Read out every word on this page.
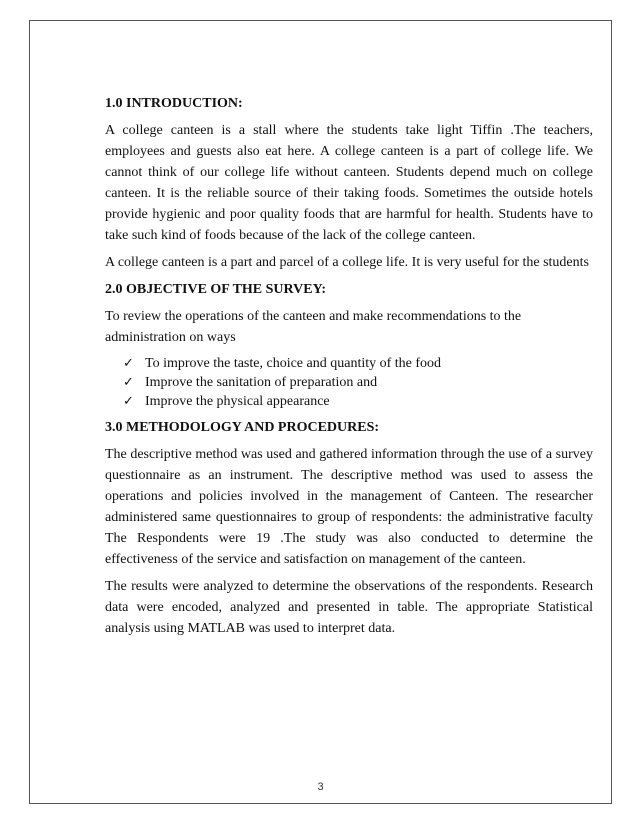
1.0 INTRODUCTION:

A college canteen is a stall where the students take light Tiffin .The teachers, employees and guests also eat here. A college canteen is a part of college life. We cannot think of our college life without canteen. Students depend much on college canteen. It is the reliable source of their taking foods. Sometimes the outside hotels provide hygienic and poor quality foods that are harmful for health. Students have to take such kind of foods because of the lack of the college canteen.

A college canteen is a part and parcel of a college life. It is very useful for the students

2.0 OBJECTIVE OF THE SURVEY:

To review the operations of the canteen and make recommendations to the administration on ways

✓ To improve the taste, choice and quantity of the food
✓ Improve the sanitation of preparation and
✓ Improve the physical appearance
3.0 METHODOLOGY AND PROCEDURES:

The descriptive method was used and gathered information through the use of a survey questionnaire as an instrument. The descriptive method was used to assess the operations and policies involved in the management of Canteen. The researcher administered same questionnaires to group of respondents: the administrative faculty The Respondents were 19 .The study was also conducted to determine the effectiveness of the service and satisfaction on management of the canteen.

The results were analyzed to determine the observations of the respondents. Research data were encoded, analyzed and presented in table. The appropriate Statistical analysis using MATLAB was used to interpret data.

3
